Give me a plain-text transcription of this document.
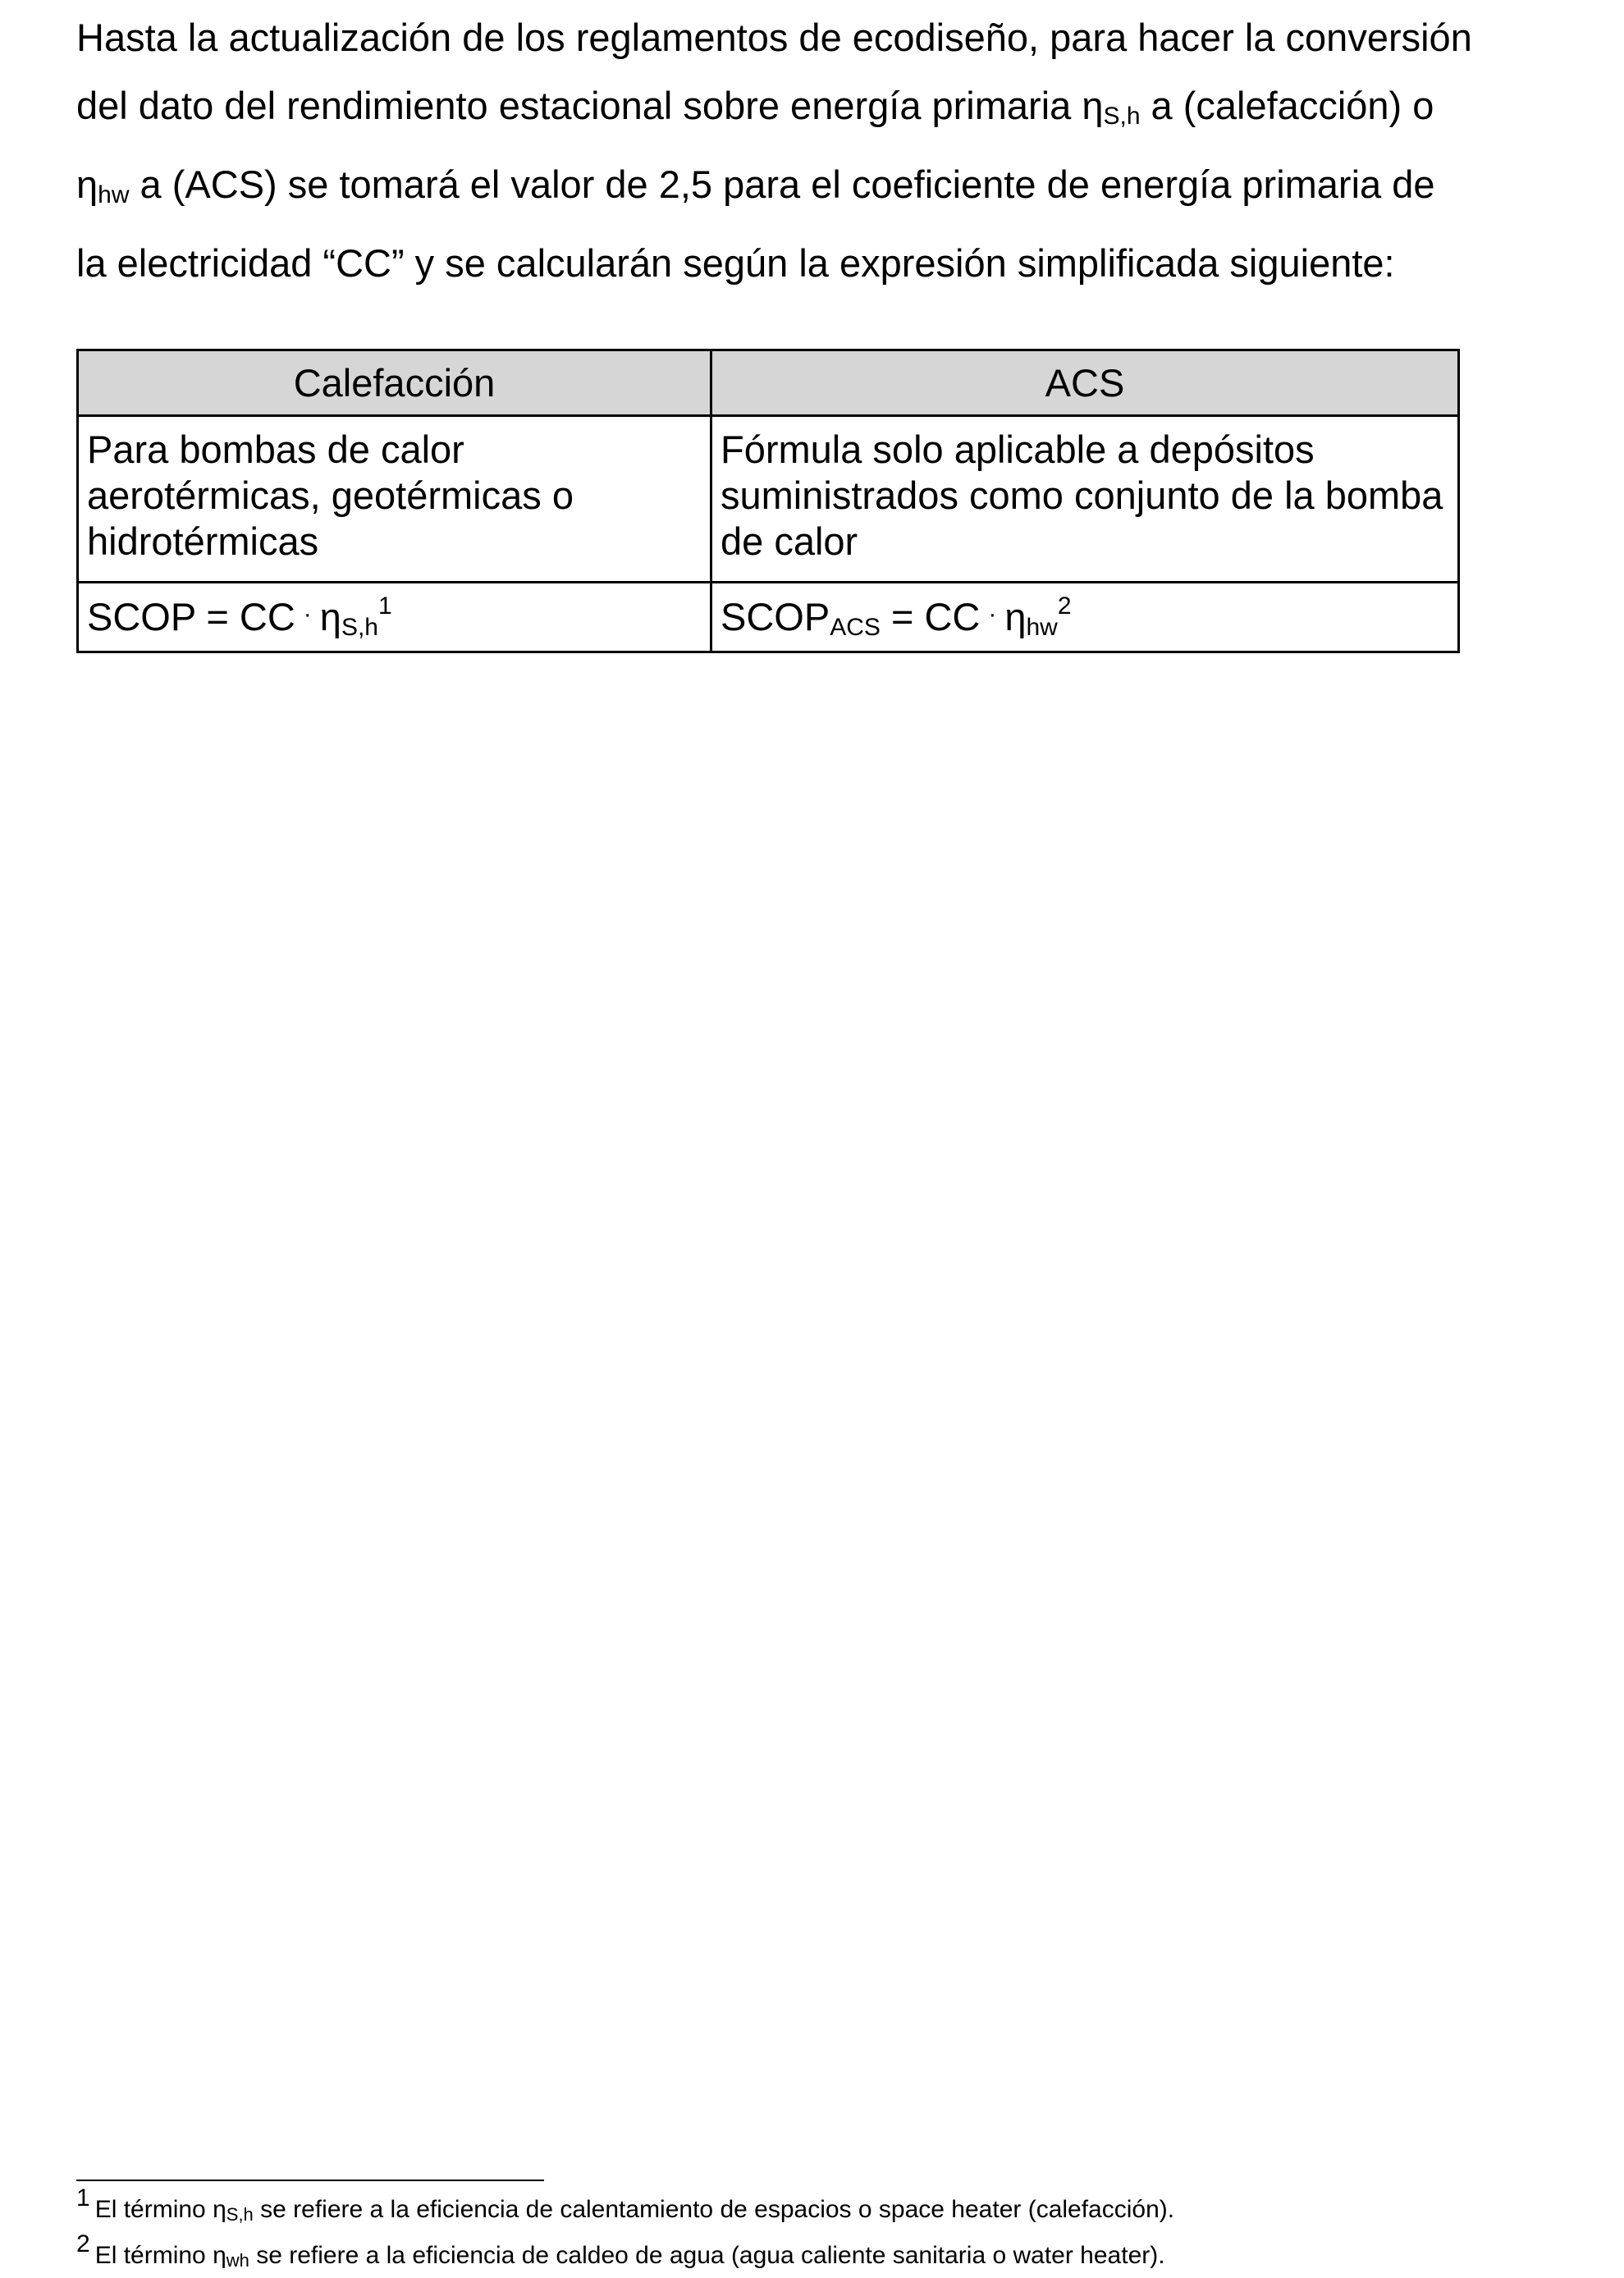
Hasta la actualización de los reglamentos de ecodiseño, para hacer la conversión
del dato del rendimiento estacional sobre energía primaria $\eta_{S,h}$ a (calefacción) o
$\eta_{hw}$ a (ACS) se tomará el valor de 2,5 para el coeficiente de energía primaria de
la electricidad “CC” y se calcularán según la expresión simplificada siguiente:
Calefacción	ACS
Para bombas de calor aerotérmicas, geotérmicas o hidrotérmicas	Fórmula solo aplicable a depósitos suministrados como conjunto de la bomba de calor
SCOP = CC · $\eta_{S,h}^1$	$SCOP_{ACS}$ = CC · $\eta_{hw}^2$
1 El término ηS,h se refiere a la eficiencia de calentamiento de espacios o space heater (calefacción).
2 El término ηwh se refiere a la eficiencia de caldeo de agua (agua caliente sanitaria o water heater).
